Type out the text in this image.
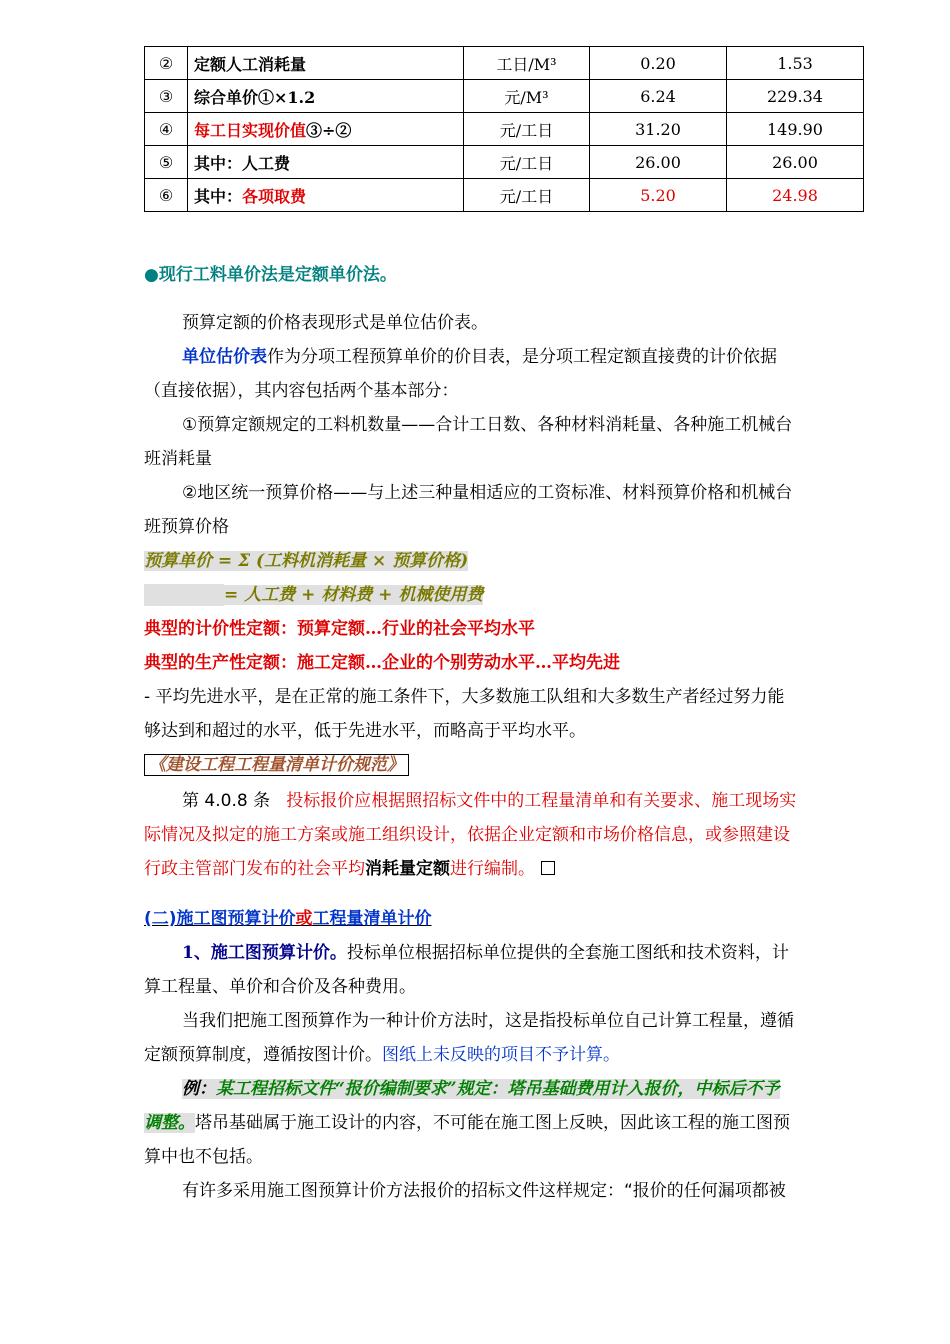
②	定额人工消耗量	工日/M³	0.20	1.53
③	综合单价①×1.2	元/M³	6.24	229.34
④	每工日实现价值③÷②	元/工日	31.20	149.90
⑤	其中：人工费	元/工日	26.00	26.00
⑥	其中：各项取费	元/工日	5.20	24.98
●现行工料单价法是定额单价法。
预算定额的价格表现形式是单位估价表。
单位估价表作为分项工程预算单价的价目表，是分项工程定额直接费的计价依据
（直接依据），其内容包括两个基本部分：
①预算定额规定的工料机数量——合计工日数、各种材料消耗量、各种施工机械台
班消耗量
②地区统一预算价格——与上述三种量相适应的工资标准、材料预算价格和机械台
班预算价格
预算单价 = Σ (工料机消耗量 × 预算价格)
= 人工费 + 材料费 + 机械使用费
典型的计价性定额：预算定额…行业的社会平均水平
典型的生产性定额：施工定额…企业的个别劳动水平…平均先进
- 平均先进水平，是在正常的施工条件下，大多数施工队组和大多数生产者经过努力能
够达到和超过的水平，低于先进水平，而略高于平均水平。
《建设工程工程量清单计价规范》
第 4.0.8 条 投标报价应根据照招标文件中的工程量清单和有关要求、施工现场实
际情况及拟定的施工方案或施工组织设计，依据企业定额和市场价格信息，或参照建设
行政主管部门发布的社会平均消耗量定额进行编制。
(二)施工图预算计价或工程量清单计价
1、施工图预算计价。投标单位根据招标单位提供的全套施工图纸和技术资料，计
算工程量、单价和合价及各种费用。
当我们把施工图预算作为一种计价方法时，这是指投标单位自己计算工程量，遵循
定额预算制度，遵循按图计价。图纸上未反映的项目不予计算。
例：某工程招标文件“报价编制要求”规定：塔吊基础费用计入报价，中标后不予
调整。塔吊基础属于施工设计的内容，不可能在施工图上反映，因此该工程的施工图预
算中也不包括。
有许多采用施工图预算计价方法报价的招标文件这样规定：“报价的任何漏项都被
